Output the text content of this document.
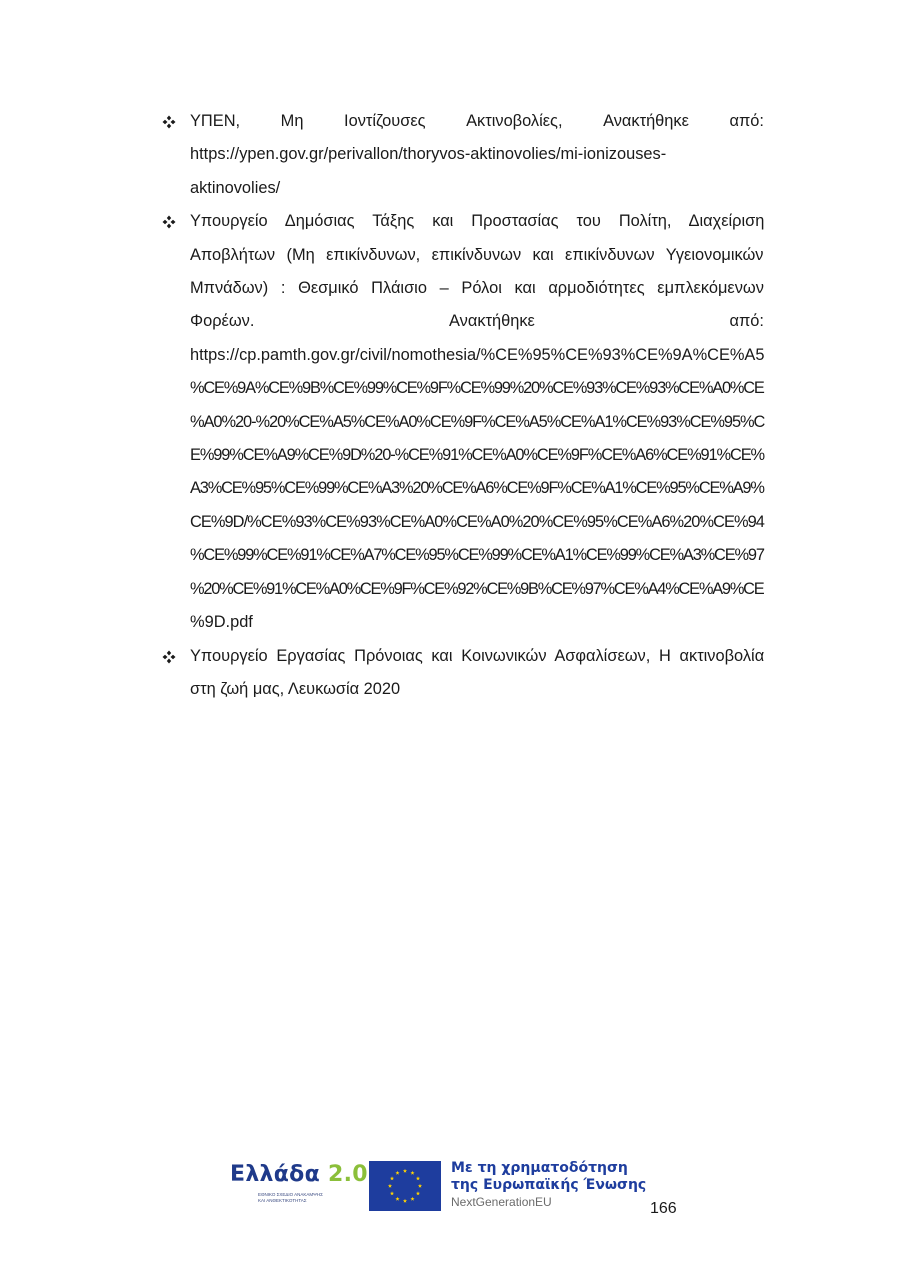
ΥΠΕΝ, Μη Ιοντίζουσες Ακτινοβολίες, Ανακτήθηκε από:
https://ypen.gov.gr/perivallon/thoryvos-aktinovolies/mi-ionizouses-
aktinovolies/
Υπουργείο Δημόσιας Τάξης και Προστασίας του Πολίτη, Διαχείριση
Αποβλήτων (Μη επικίνδυνων, επικίνδυνων και επικίνδυνων Υγειονομικών
Μπνάδων) : Θεσμικό Πλάισιο – Ρόλοι και αρμοδιότητες εμπλεκόμενων
Φορέων.	Ανακτήθηκε	από:
https://cp.pamth.gov.gr/civil/nomothesia/%CE%95%CE%93%CE%9A%CE%A5
%CE%9A%CE%9B%CE%99%CE%9F%CE%99%20%CE%93%CE%93%CE%A0%CE
%A0%20-%20%CE%A5%CE%A0%CE%9F%CE%A5%CE%A1%CE%93%CE%95%C
E%99%CE%A9%CE%9D%20-%CE%91%CE%A0%CE%9F%CE%A6%CE%91%CE%
A3%CE%95%CE%99%CE%A3%20%CE%A6%CE%9F%CE%A1%CE%95%CE%A9%
CE%9D/%CE%93%CE%93%CE%A0%CE%A0%20%CE%95%CE%A6%20%CE%94
%CE%99%CE%91%CE%A7%CE%95%CE%99%CE%A1%CE%99%CE%A3%CE%97
%20%CE%91%CE%A0%CE%9F%CE%92%CE%9B%CE%97%CE%A4%CE%A9%CE
%9D.pdf
Υπουργείο Εργασίας Πρόνοιας και Κοινωνικών Ασφαλίσεων, Η ακτινοβολία
στη ζωή μας, Λευκωσία 2020
Ελλάδα 2.0
ΕΘΝΙΚΟ ΣΧΕΔΙΟ ΑΝΑΚΑΜΨΗΣ
ΚΑΙ ΑΝΘΕΚΤΙΚΟΤΗΤΑΣ
Με τη χρηματοδότηση
της Ευρωπαϊκής Ένωσης
NextGenerationEU	166
